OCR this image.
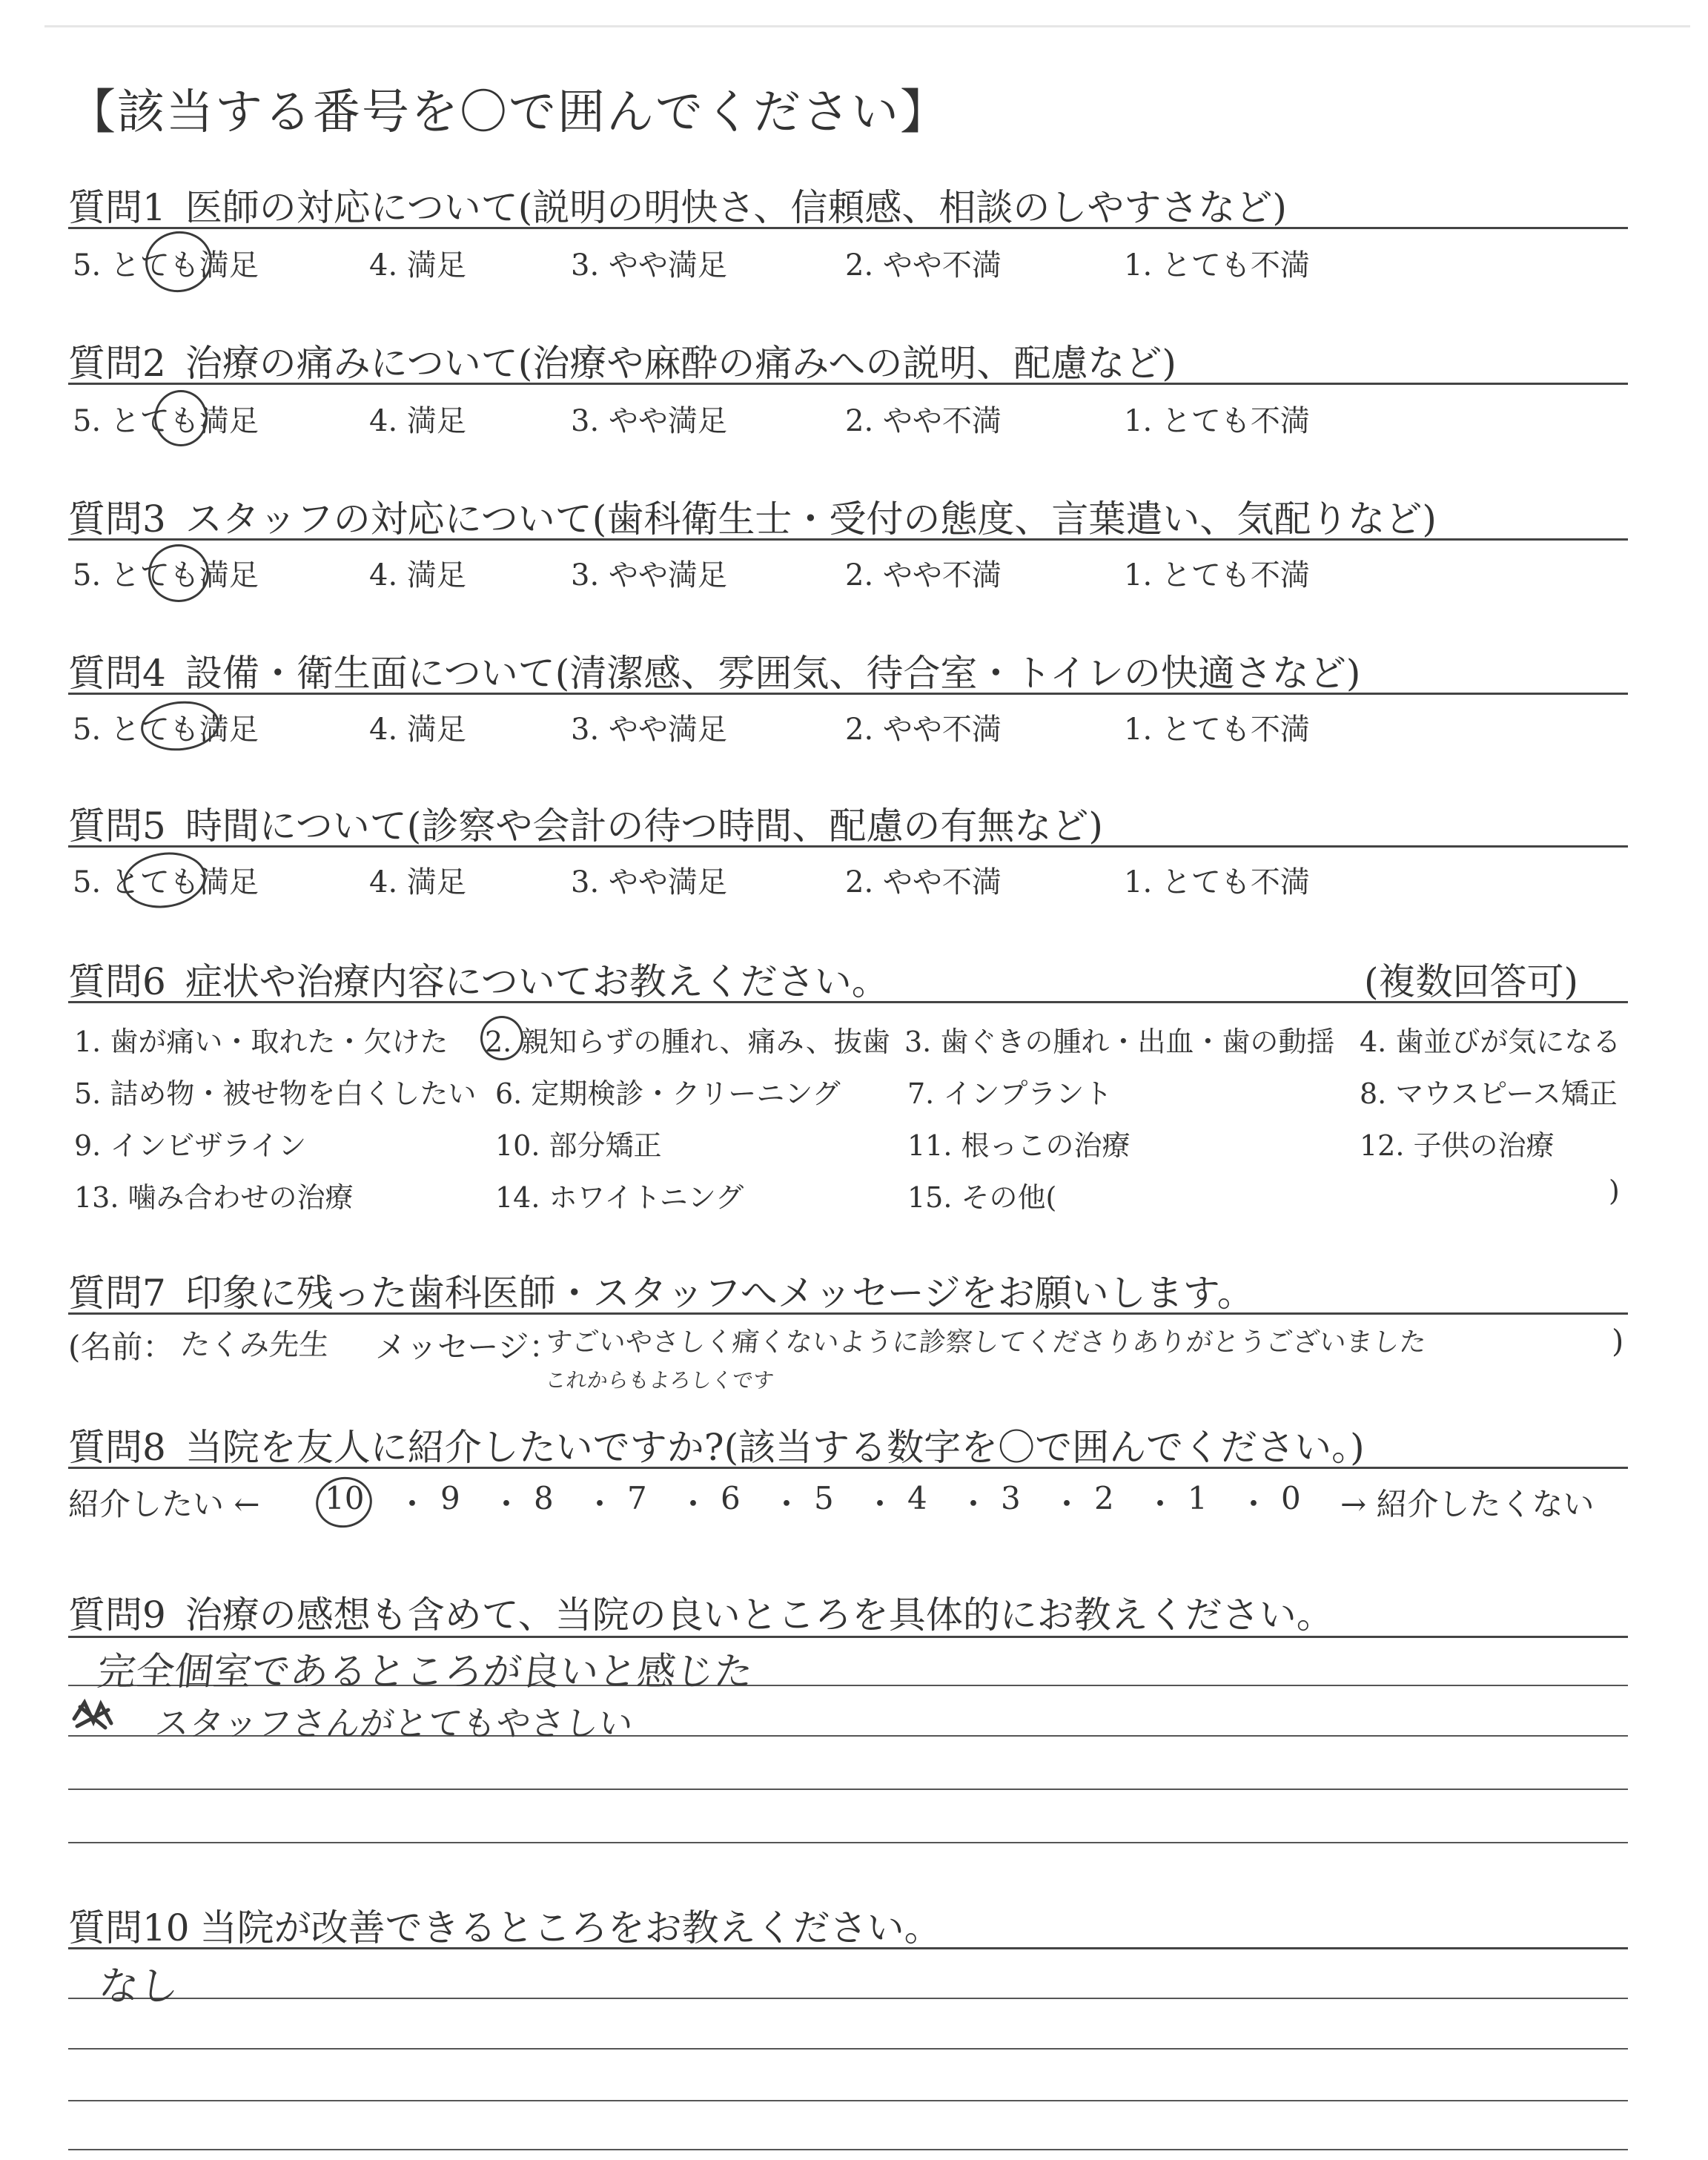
【該当する番号を〇で囲んでください】
質問1 医師の対応について(説明の明快さ、信頼感、相談のしやすさなど)
5. とても満足	4. 満足	3. やや満足	2. やや不満	1. とても不満
質問2 治療の痛みについて(治療や麻酔の痛みへの説明、配慮など)
5. とても満足	4. 満足	3. やや満足	2. やや不満	1. とても不満
質問3 スタッフの対応について(歯科衛生士・受付の態度、言葉遣い、気配りなど)
5. とても満足	4. 満足	3. やや満足	2. やや不満	1. とても不満
質問4 設備・衛生面について(清潔感、雰囲気、待合室・トイレの快適さなど)
5. とても満足	4. 満足	3. やや満足	2. やや不満	1. とても不満
質問5 時間について(診察や会計の待つ時間、配慮の有無など)
5. とても満足	4. 満足	3. やや満足	2. やや不満	1. とても不満
質問6 症状や治療内容についてお教えください。	(複数回答可)
1. 歯が痛い・取れた・欠けた 2. 親知らずの腫れ、痛み、抜歯 3. 歯ぐきの腫れ・出血・歯の動揺 4. 歯並びが気になる
5. 詰め物・被せ物を白くしたい 6. 定期検診・クリーニング 7. インプラント	8. マウスピース矯正
9. インビザライン	10. 部分矯正	11. 根っこの治療	12. 子供の治療
13. 噛み合わせの治療	14. ホワイトニング	15. その他(	)
質問7 印象に残った歯科医師・スタッフへメッセージをお願いします。
(名前： たくみ先生 メッセージ：
すごいやさしく痛くないように診察してくださりありがとうございました
これからもよろしくです
)
質問8 当院を友人に紹介したいですか?(該当する数字を〇で囲んでください。)
紹介したい ← 10 ・ 9 ・ 8 ・ 7 ・ 6 ・ 5 ・ 4 ・ 3 ・ 2 ・ 1 ・ 0 → 紹介したくない
質問9 治療の感想も含めて、当院の良いところを具体的にお教えください。
完全個室であるところが良いと感じた
スタッフさんがとてもやさしい
質問10 当院が改善できるところをお教えください。
なし
